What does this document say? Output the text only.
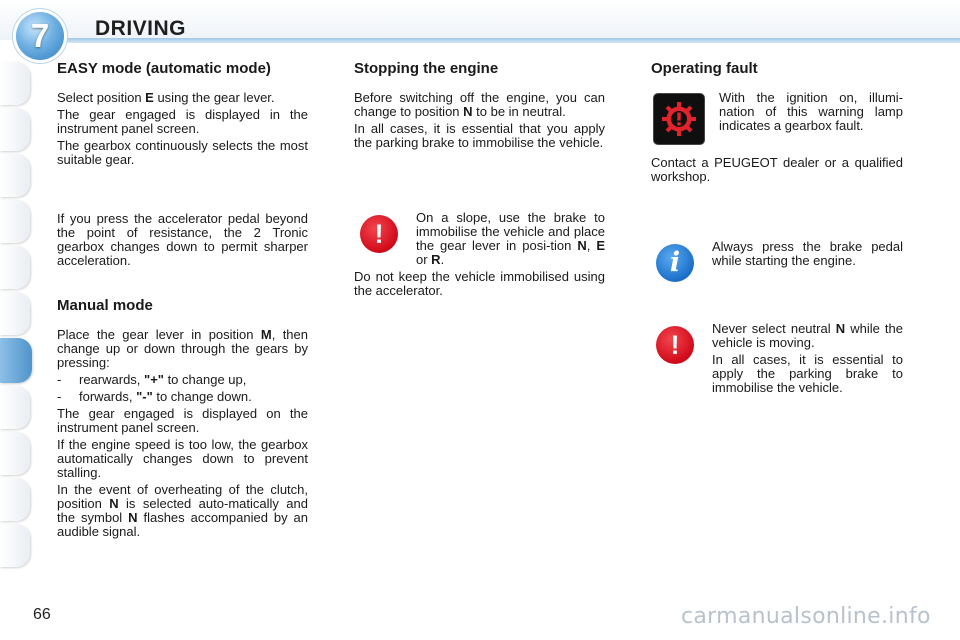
7 DRIVING
EASY mode (automatic mode)

Select position E using the gear lever.

The gear engaged is displayed in the instrument panel screen.

The gearbox continuously selects the most suitable gear.

If you press the accelerator pedal beyond the point of resistance, the 2 Tronic gearbox changes down to permit sharper acceleration.

Manual mode

Place the gear lever in position M, then change up or down through the gears by pressing:

-	rearwards, "+" to change up,
-	forwards, "-" to change down.

The gear engaged is displayed on the instrument panel screen.

If the engine speed is too low, the gearbox automatically changes down to prevent stalling.

In the event of overheating of the clutch, position N is selected auto-matically and the symbol N flashes accompanied by an audible signal.

Stopping the engine

Before switching off the engine, you can change to position N to be in neutral.

In all cases, it is essential that you apply the parking brake to immobilise the vehicle.

!

On a slope, use the brake to immobilise the vehicle and place the gear lever in posi-tion N, E or R.

Do not keep the vehicle immobilised using the accelerator.

Operating fault

With the ignition on, illumi-nation of this warning lamp indicates a gearbox fault.

Contact a PEUGEOT dealer or a qualified workshop.

i

Always press the brake pedal while starting the engine.

!

Never select neutral N while the vehicle is moving.

In all cases, it is essential to apply the parking brake to immobilise the vehicle.

66	carmanualsonline.info
